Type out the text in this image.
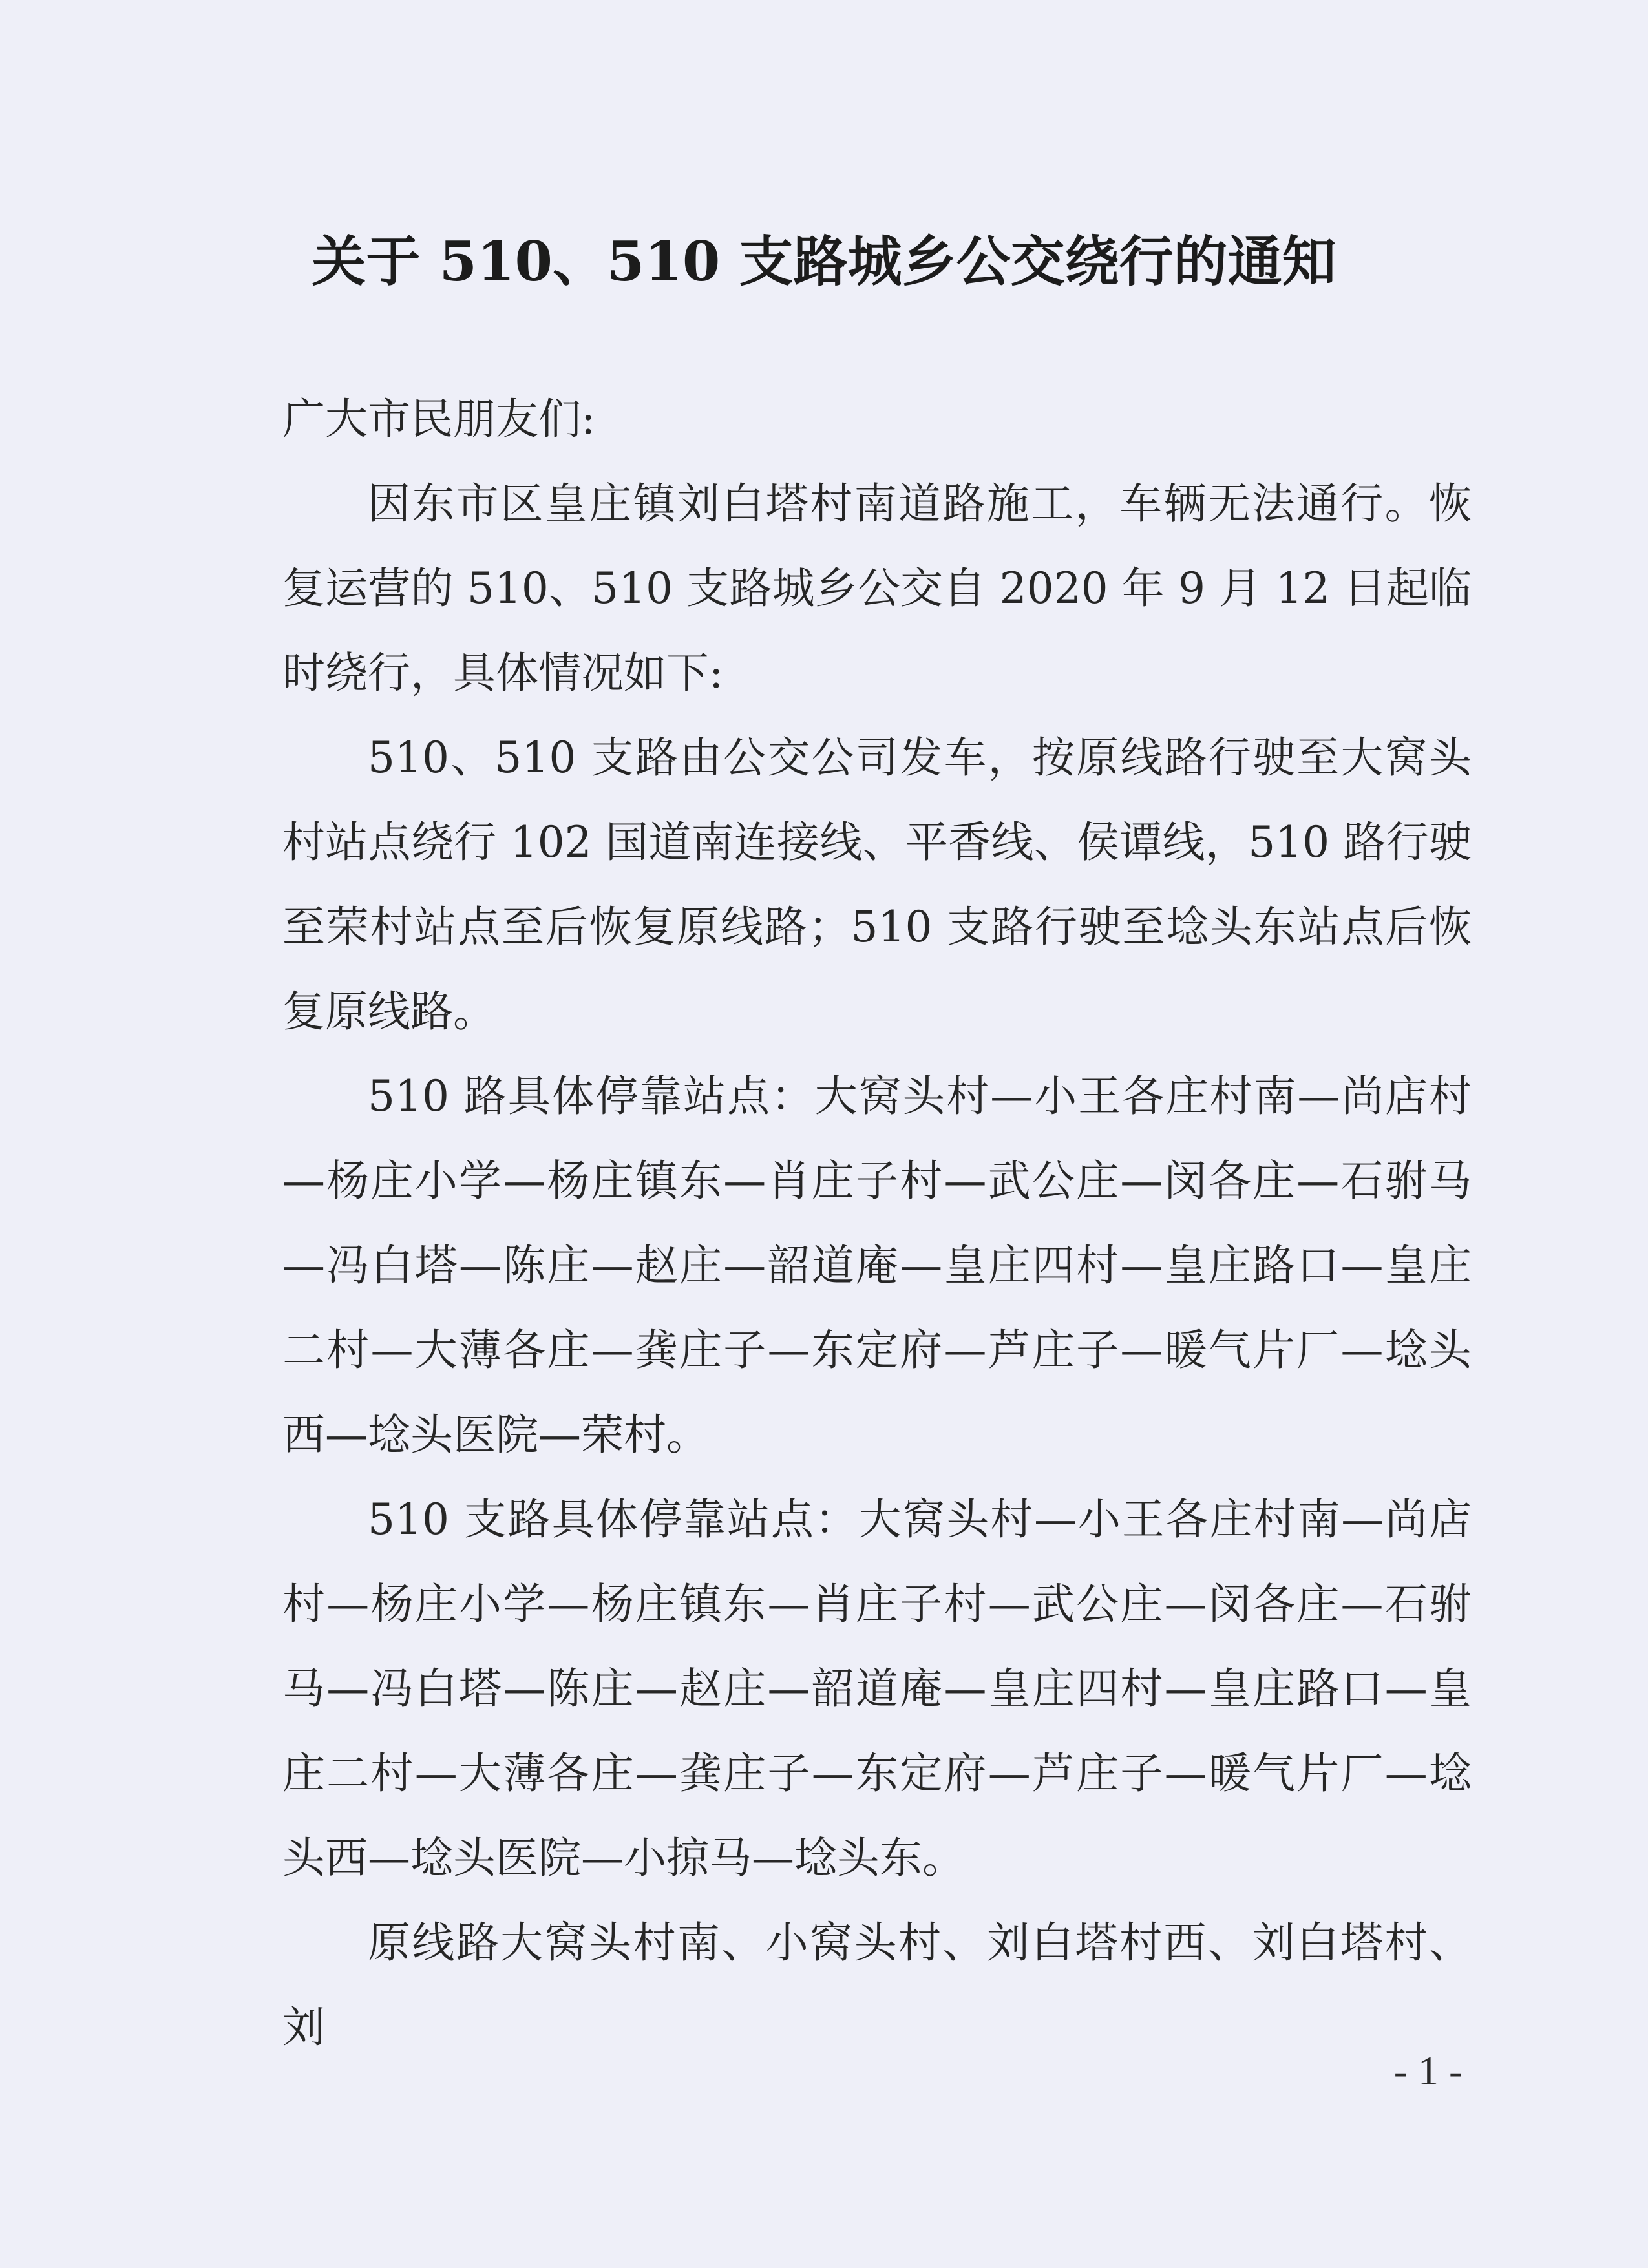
关于 510、510 支路城乡公交绕行的通知

广大市民朋友们:

因东市区皇庄镇刘白塔村南道路施工，车辆无法通行。恢复运营的 510、510 支路城乡公交自 2020 年 9 月 12 日起临时绕行，具体情况如下:

510、510 支路由公交公司发车，按原线路行驶至大窝头村站点绕行 102 国道南连接线、平香线、侯谭线，510 路行驶至荣村站点至后恢复原线路；510 支路行驶至埝头东站点后恢复原线路。

510 路具体停靠站点：大窝头村—小王各庄村南—尚店村—杨庄小学—杨庄镇东—肖庄子村—武公庄—闵各庄—石驸马—冯白塔—陈庄—赵庄—韶道庵—皇庄四村—皇庄路口—皇庄二村—大薄各庄—龚庄子—东定府—芦庄子—暖气片厂—埝头西—埝头医院—荣村。

510 支路具体停靠站点：大窝头村—小王各庄村南—尚店村—杨庄小学—杨庄镇东—肖庄子村—武公庄—闵各庄—石驸马—冯白塔—陈庄—赵庄—韶道庵—皇庄四村—皇庄路口—皇庄二村—大薄各庄—龚庄子—东定府—芦庄子—暖气片厂—埝头西—埝头医院—小掠马—埝头东。

原线路大窝头村南、小窝头村、刘白塔村西、刘白塔村、刘

- 1 -
